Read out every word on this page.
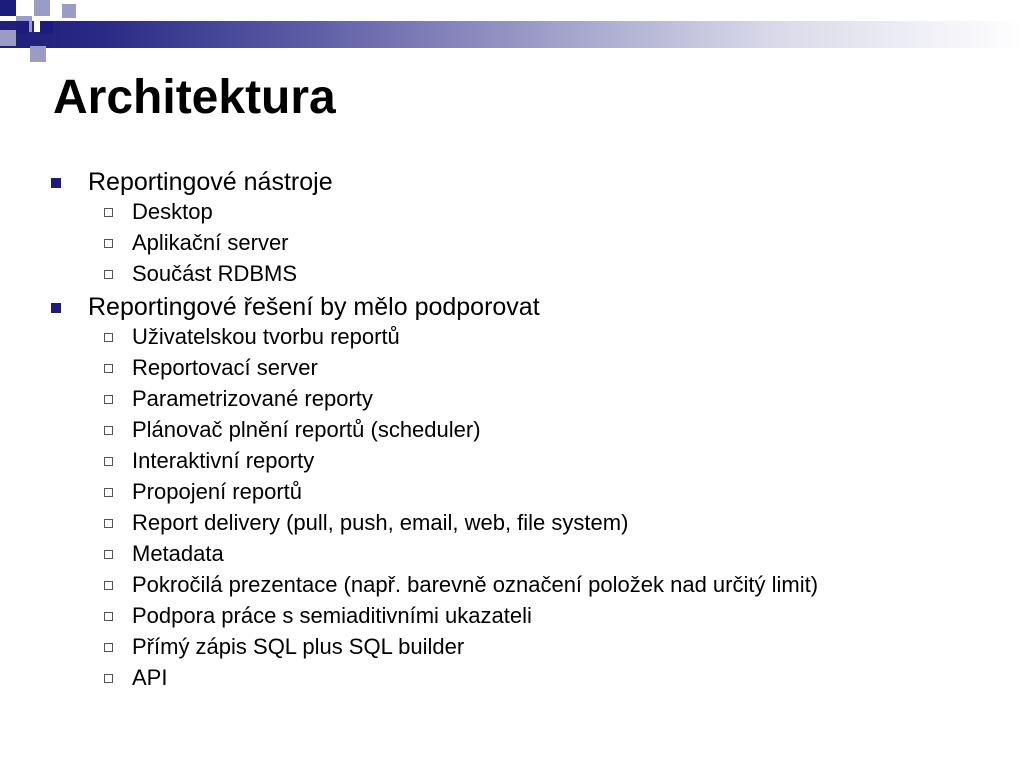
Architektura
Reportingové nástroje
Desktop
Aplikační server
Součást RDBMS
Reportingové řešení by mělo podporovat
Uživatelskou tvorbu reportů
Reportovací server
Parametrizované reporty
Plánovač plnění reportů (scheduler)
Interaktivní reporty
Propojení reportů
Report delivery (pull, push, email, web, file system)
Metadata
Pokročilá prezentace (např. barevně označení položek nad určitý limit)
Podpora práce s semiaditivními ukazateli
Přímý zápis SQL plus SQL builder
API
